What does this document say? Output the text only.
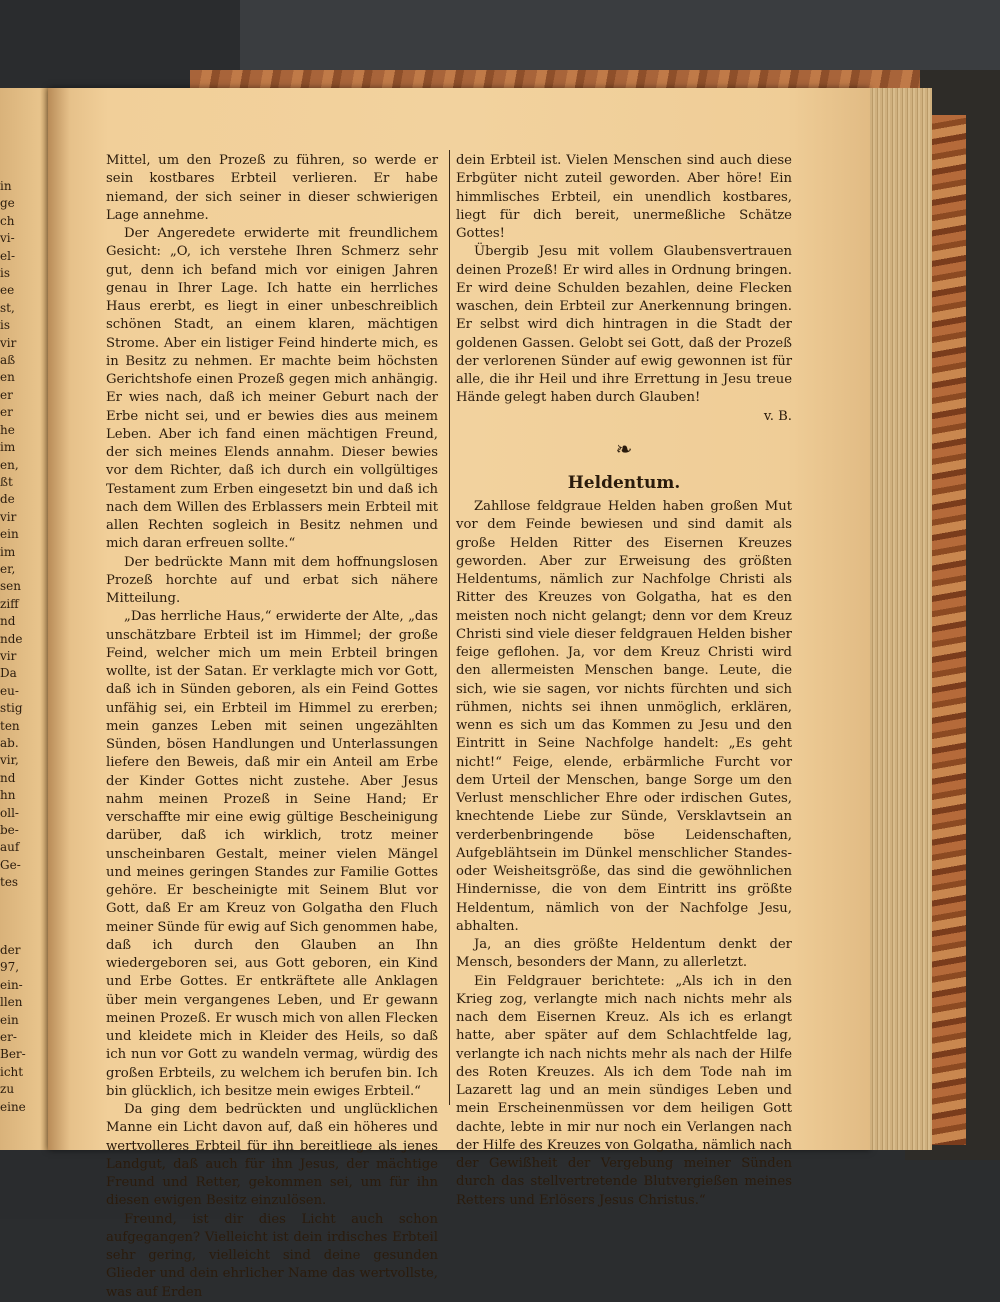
in
ge
ch
vi-
el-
is
ee
st,
is
vir
aß
en
er
er
he
im
en,
ßt
de
vir
ein
im
er,
sen
ziff
nd
nde
vir
Da
eu-
stig
ten
ab.
vir,
nd
hn
oll-
be-
auf
Ge-
tes
der
97,
ein-
llen
ein
er-
Ber-
icht
zu
eine

Mittel, um den Prozeß zu führen, so werde er sein kostbares Erbteil verlieren. Er habe niemand, der sich seiner in dieser schwierigen Lage annehme.

Der Angeredete erwiderte mit freundlichem Gesicht: „O, ich verstehe Ihren Schmerz sehr gut, denn ich befand mich vor einigen Jahren genau in Ihrer Lage. Ich hatte ein herrliches Haus ererbt, es liegt in einer unbeschreiblich schönen Stadt, an einem klaren, mächtigen Strome. Aber ein listiger Feind hinderte mich, es in Besitz zu nehmen. Er machte beim höchsten Gerichtshofe einen Prozeß gegen mich anhängig. Er wies nach, daß ich meiner Geburt nach der Erbe nicht sei, und er bewies dies aus meinem Leben. Aber ich fand einen mächtigen Freund, der sich meines Elends annahm. Dieser bewies vor dem Richter, daß ich durch ein vollgültiges Testament zum Erben eingesetzt bin und daß ich nach dem Willen des Erblassers mein Erbteil mit allen Rechten sogleich in Besitz nehmen und mich daran erfreuen sollte.“

Der bedrückte Mann mit dem hoffnungslosen Prozeß horchte auf und erbat sich nähere Mitteilung.

„Das herrliche Haus,“ erwiderte der Alte, „das unschätzbare Erbteil ist im Himmel; der große Feind, welcher mich um mein Erbteil bringen wollte, ist der Satan. Er verklagte mich vor Gott, daß ich in Sünden geboren, als ein Feind Gottes unfähig sei, ein Erbteil im Himmel zu ererben; mein ganzes Leben mit seinen ungezählten Sünden, bösen Handlungen und Unterlassungen liefere den Beweis, daß mir ein Anteil am Erbe der Kinder Gottes nicht zustehe. Aber Jesus nahm meinen Prozeß in Seine Hand; Er verschaffte mir eine ewig gültige Bescheinigung darüber, daß ich wirklich, trotz meiner unscheinbaren Gestalt, meiner vielen Mängel und meines geringen Standes zur Familie Gottes gehöre. Er bescheinigte mit Seinem Blut vor Gott, daß Er am Kreuz von Golgatha den Fluch meiner Sünde für ewig auf Sich genommen habe, daß ich durch den Glauben an Ihn wiedergeboren sei, aus Gott geboren, ein Kind und Erbe Gottes. Er entkräftete alle Anklagen über mein vergangenes Leben, und Er gewann meinen Prozeß. Er wusch mich von allen Flecken und kleidete mich in Kleider des Heils, so daß ich nun vor Gott zu wandeln vermag, würdig des großen Erbteils, zu welchem ich berufen bin. Ich bin glücklich, ich besitze mein ewiges Erbteil.“

Da ging dem bedrückten und unglücklichen Manne ein Licht davon auf, daß ein höheres und wertvolleres Erbteil für ihn bereitliege als jenes Landgut, daß auch für ihn Jesus, der mächtige Freund und Retter, gekommen sei, um für ihn diesen ewigen Besitz einzulösen.

Freund, ist dir dies Licht auch schon aufgegangen? Vielleicht ist dein irdisches Erbteil sehr gering, vielleicht sind deine gesunden Glieder und dein ehrlicher Name das wertvollste, was auf Erden

dein Erbteil ist. Vielen Menschen sind auch diese Erbgüter nicht zuteil geworden. Aber höre! Ein himmlisches Erbteil, ein unendlich kostbares, liegt für dich bereit, unermeßliche Schätze Gottes!

Übergib Jesu mit vollem Glaubensvertrauen deinen Prozeß! Er wird alles in Ordnung bringen. Er wird deine Schulden bezahlen, deine Flecken waschen, dein Erbteil zur Anerkennung bringen. Er selbst wird dich hintragen in die Stadt der goldenen Gassen. Gelobt sei Gott, daß der Prozeß der verlorenen Sünder auf ewig gewonnen ist für alle, die ihr Heil und ihre Errettung in Jesu treue Hände gelegt haben durch Glauben!

v. B.

❧
Heldentum.

Zahllose feldgraue Helden haben großen Mut vor dem Feinde bewiesen und sind damit als große Helden Ritter des Eisernen Kreuzes geworden. Aber zur Erweisung des größten Heldentums, nämlich zur Nachfolge Christi als Ritter des Kreuzes von Golgatha, hat es den meisten noch nicht gelangt; denn vor dem Kreuz Christi sind viele dieser feldgrauen Helden bisher feige geflohen. Ja, vor dem Kreuz Christi wird den allermeisten Menschen bange. Leute, die sich, wie sie sagen, vor nichts fürchten und sich rühmen, nichts sei ihnen unmöglich, erklären, wenn es sich um das Kommen zu Jesu und den Eintritt in Seine Nachfolge handelt: „Es geht nicht!“ Feige, elende, erbärmliche Furcht vor dem Urteil der Menschen, bange Sorge um den Verlust menschlicher Ehre oder irdischen Gutes, knechtende Liebe zur Sünde, Versklavtsein an verderbenbringende böse Leidenschaften, Aufgeblähtsein im Dünkel menschlicher Standes- oder Weisheitsgröße, das sind die gewöhnlichen Hindernisse, die von dem Eintritt ins größte Heldentum, nämlich von der Nachfolge Jesu, abhalten.

Ja, an dies größte Heldentum denkt der Mensch, besonders der Mann, zu allerletzt.

Ein Feldgrauer berichtete: „Als ich in den Krieg zog, verlangte mich nach nichts mehr als nach dem Eisernen Kreuz. Als ich es erlangt hatte, aber später auf dem Schlachtfelde lag, verlangte ich nach nichts mehr als nach der Hilfe des Roten Kreuzes. Als ich dem Tode nah im Lazarett lag und an mein sündiges Leben und mein Erscheinenmüssen vor dem heiligen Gott dachte, lebte in mir nur noch ein Verlangen nach der Hilfe des Kreuzes von Golgatha, nämlich nach der Gewißheit der Vergebung meiner Sünden durch das stellvertretende Blutvergießen meines Retters und Erlösers Jesus Christus.“
